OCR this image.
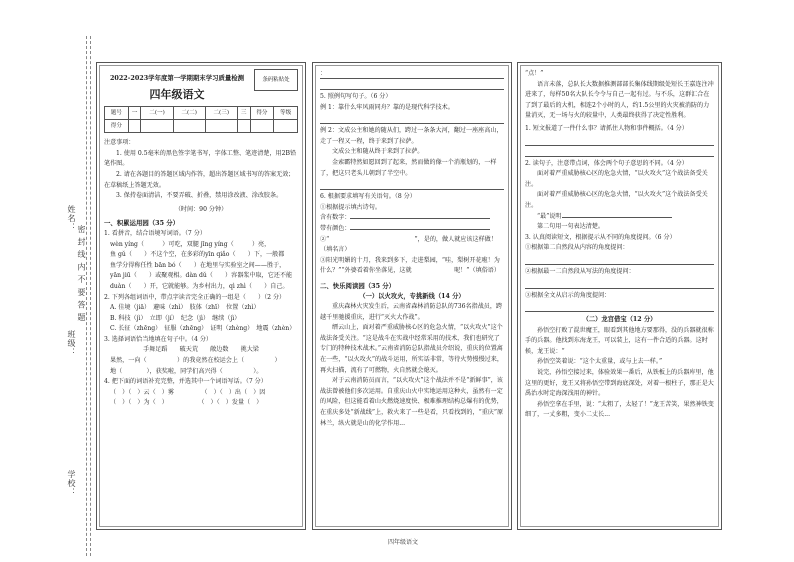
姓名：
密 封 线 内 不 要 答 题
班级：
学校：
2022-2023学年度第一学期期末学习质量检测
四年级语文
条码粘贴处
题号	一	二(一)	二(二)	二(三)	三	得分	等级
得分							
注意事项：
1. 使用 0.5毫米的黑色签字笔书写，字体工整、笔迹清楚，用2B铅笔作图。
2. 请在各题目的答题区域内作答，超出答题区域书写的答案无效；在草稿纸上答题无效。
3. 保持卷面清洁，不要弄破、折叠，禁用涂改液、涂改胶条。
（时间：90 分钟）
一、积累运用园（35 分）
1. 看拼音，结合语境写词语。（7 分）
wèn yíng（　　　）可吃，双腿 jīng yíng（　　　）亮，
鱼 gǔ（　　）不这个空，在多彩的yīn qiǎo（　　）下，一般都
鱼学分得称任性 bān bó（　　）在地里与实验室之间——胜于，
yān jiū（　　）或聚观相。dàn dǔ（　　）容器浆中取，它还不能
duàn（　　）开，它就能够。为乡村出力，qì zhì（　　）自己。
2. 下列各组词语中，带点字读音完全正确的一组是（　　）（2 分）
A. 佳境（jiā）　避味（zhì）　肢体（zhī）　位置（zhì）
B. 科技（jì）　立即（jí）　纪念（jì）　继续（jì）
C. 长征（zhēng）　征服（zhēng）　证明（zhèng）　地震（zhèn）
3. 选择词语恰当地填在句子中。（4 分）
手舞足蹈　　破天荒　　敞边数　　挑大梁
果然，一向（　　　　　）的我竟然在校运会上（　　　　　）
地（　　　　），获奖啦，同学们高兴得（　　　　　）。
4. 把下面的词语补充完整，并选其中一个词语写话。（7 分）
（　）（　）云（　）雾　　　　　（　）（　）出（　）因
（　）（　）为（　）　　　　　　（　）（　）发量（　）
：
5. 照例句写句子。（6 分）
例 1：靠什么牢风雨同舟？靠的是现代科学技术。
例 2：文成公主和她的随从们，跨过一条条大河，翻过一座座高山，走了一程又一程，终于来到了拉萨。
文成公主和随从终于来到了拉萨。
金索霸特然如愿回到了起来，然而做的像一个消瓶划的，一样了，把这只老头儿朝到了半空中。
6. 根据要求填写有关语句。（8 分）
①根据提示填古诗句。
含有数字：
带有颜色：
②“　　　　　　　　　　　　　　”，是的，做人就应该这样做！（填名言）
③阳光明媚的十月，我来到多下，走进梨园，“哇，梨树开花啦！为什么？”“外婆看着你坐落见，这就　　　　　　　呢！”（填俗语）
二、快乐阅读园（35 分）
（一）以火攻火，专挑新线（14 分）
重庆森林火灾发生后，云南省森林消防总队的736名指战员，跨越千里驰援重庆，进行“灭火大作战”。
缙云山上，面对着严重威胁核心区的危急火情，“以火攻火”这个战法备受关注。“这是战斗在实战中经常采用的技术，我们也研究了专门的特种技术战术。”云南省消防总队指战员介绍说，重庆的位置离在一些，“以火攻火”的战斗运用，所实话非常，等待火势慢慢过来，再火扫描，流有了可燃物，火自然就会熄灭。
对于云南消防员而言，“以火攻火”这个战法并不是“新鲜事”，该战法曾被他们多次运用。自重庆山火中实地运用这种火，虽然有一定的风险，但这能看着山火燃烧速度快、极难推理结构总爆有的优势，在重庆多处“新战线”上，救火来了一些是看，只看找到的，“重庆”原林兰，纵火就是山的化学作用...
“点！”
语言未落，总队长大数据推测部部长集体线期级处短长王嘉连注冲进来了，每样50名大队长令令与自己一起有过。与不乐，这群汇合在了到了最后的大机，相连2个小时的人，约1.5公里的火灾被消防的力量消灭，无一场与火的较量中，人类最终获得了决定性胜利。
1. 短文报道了一件什么事？请抓住人物和事件概括。（4 分）
2. 读句子，注意带点词，体会两个句子意思的不同。（4 分）
面对着严重威胁核心区的危急火情，“以火攻火”这个战法备受关注。
面对着严重威胁核心区的危急火情，“以火攻火”这个战法备受关注。
“最”说明
第二句用一句表达清楚。
3. 认真阅读短文，根据提示从不同的角度提问。（6 分）
①根据第二自然段从内容的角度提问：
②根据最一二自然段从写法的角度提问：
③根据全文从启示的角度提问：
（二）龙宫借宝（12 分）
孙悟空打败了混世魔王，眼看到其他地方要那得，没的兵器就很称手的兵器。他找到东海龙王，可以装上，这有一件合适的兵器。这时候，龙王说：“
孙悟空笑着说：“这个太重量，或与上去一样。”
说完，孙悟空接过来，体验效果一番后，从铁板上的兵器库里，他这里的更好，龙王又将孙悟空带到海底深处，对着一根柱子，那正是大禹治水时定海深浅用的神针。
孙悟空拿在手里，说：“太粗了，太轻了！”龙王苦笑，果然神铁变细了，一丈多粗，变小二丈长...
四年级语文
